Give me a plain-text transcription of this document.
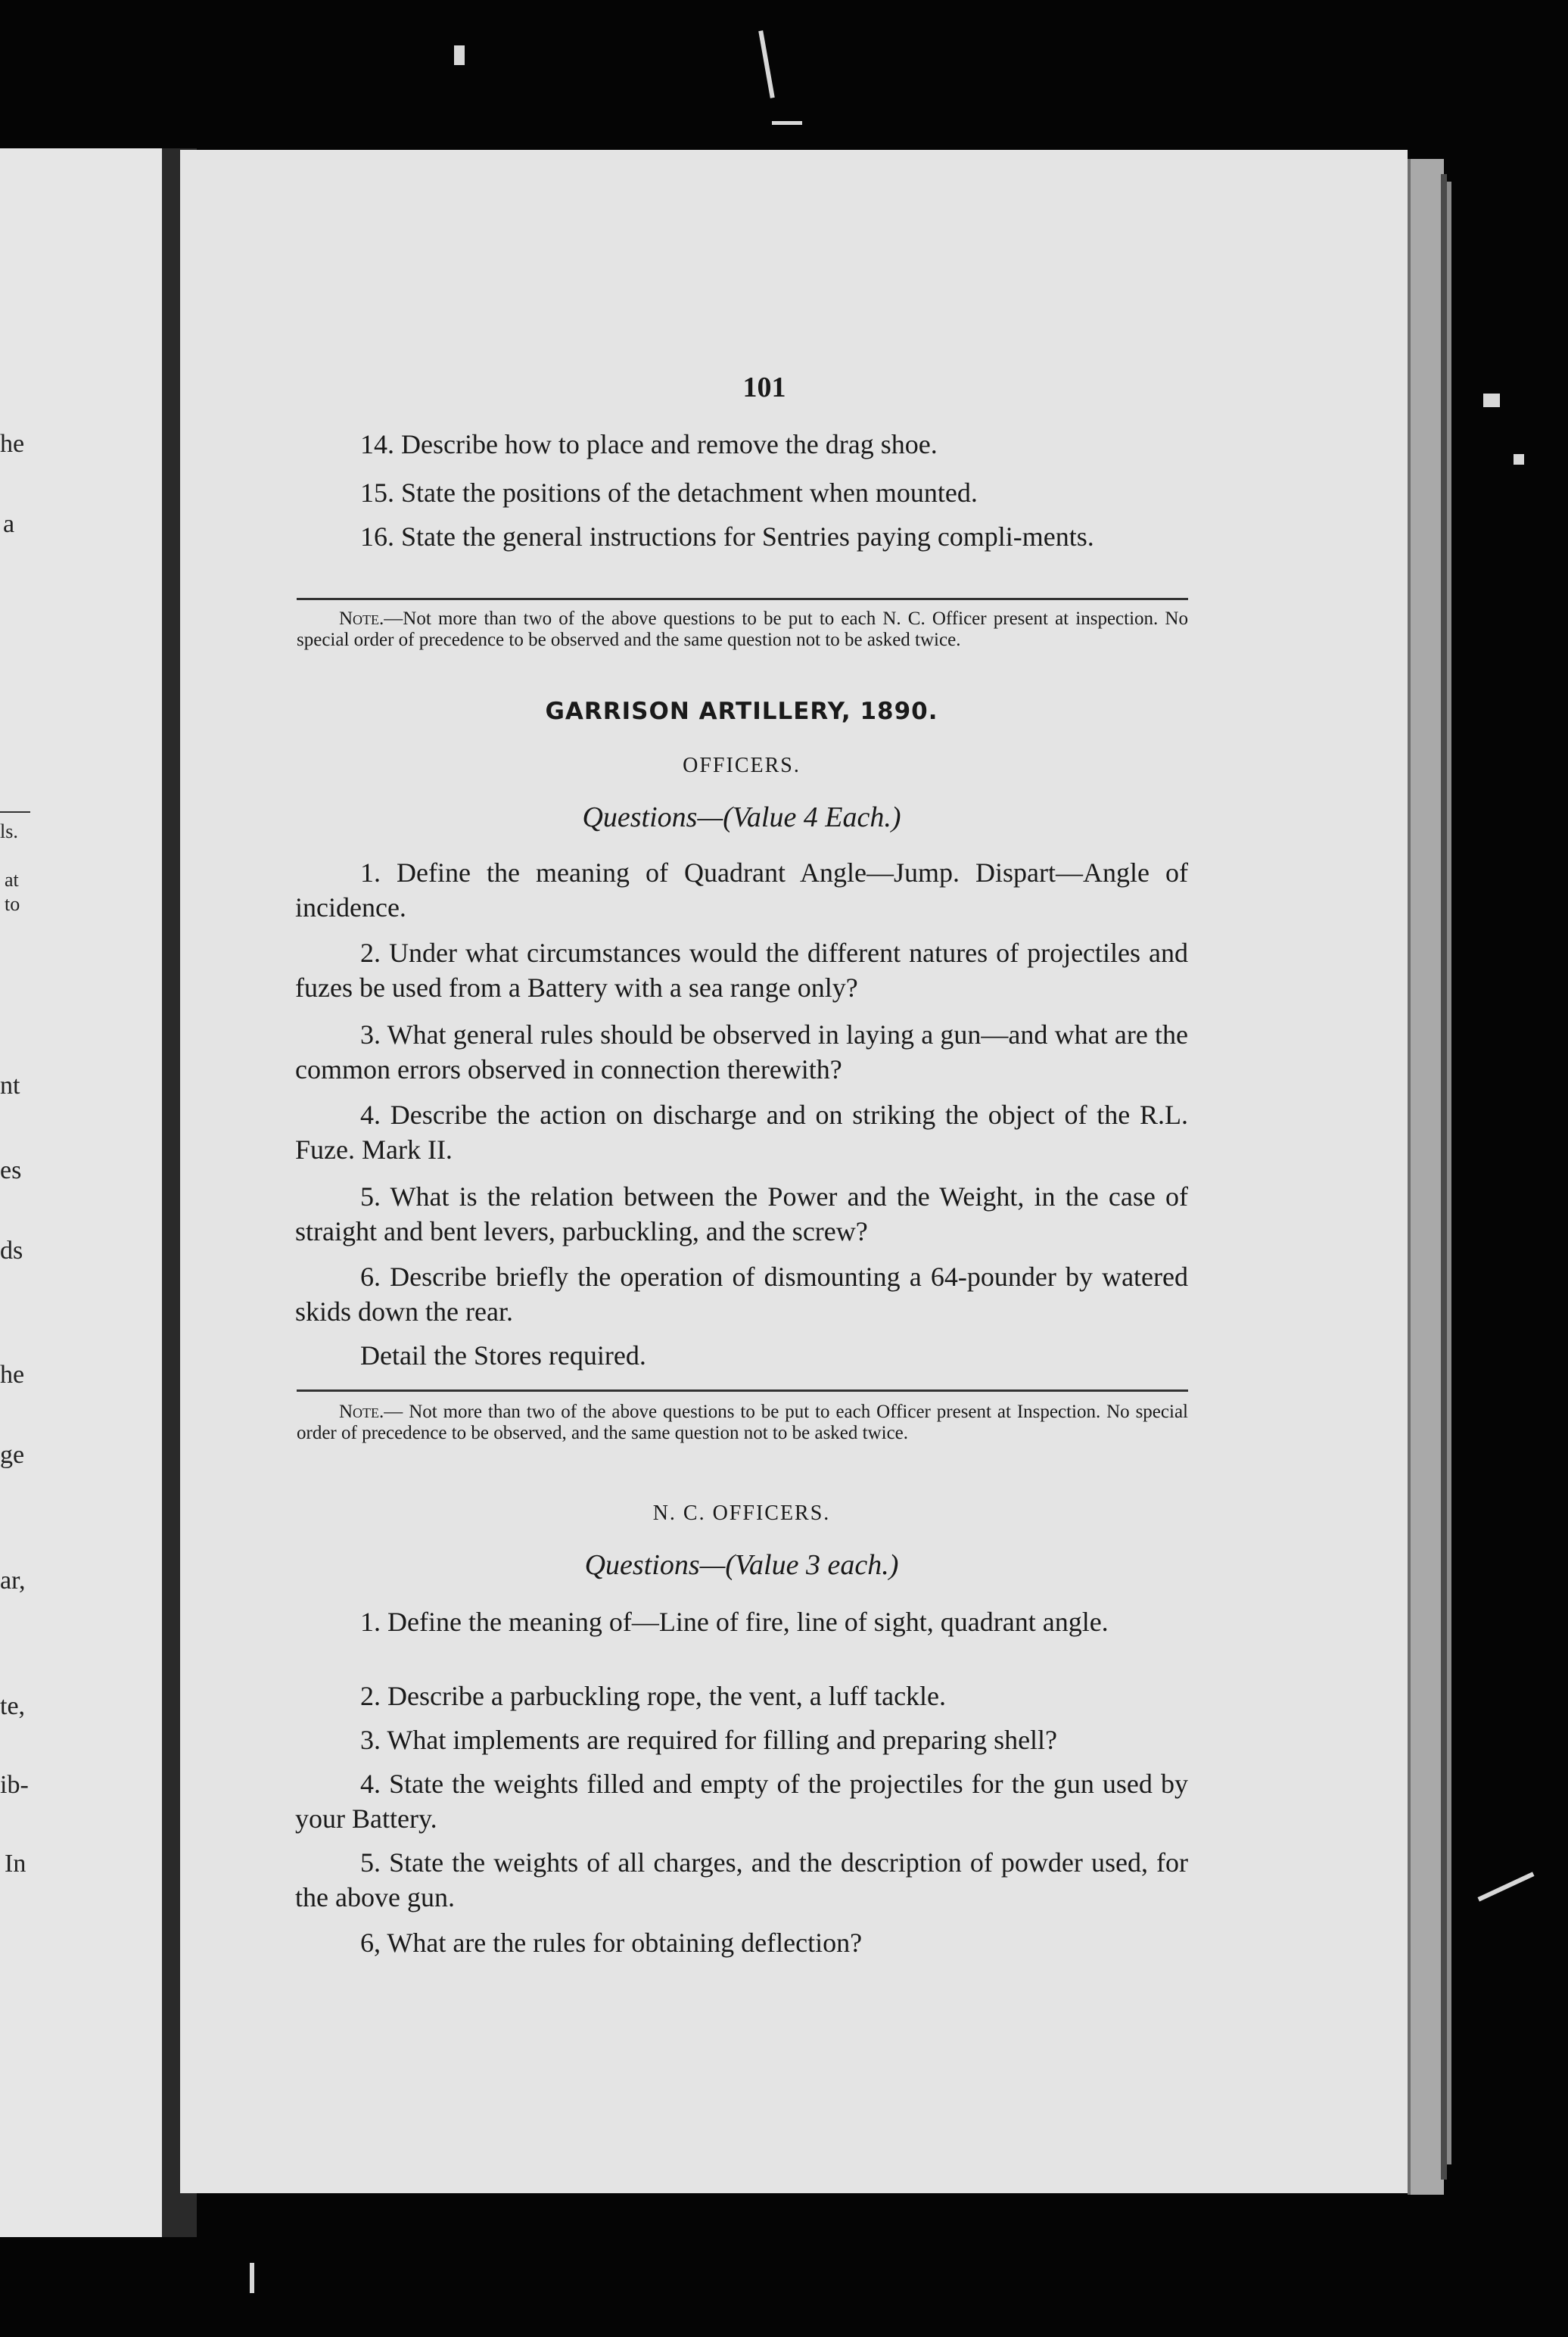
he
a
ls.
at
to
nt
es
ds
he
ge
ar,
te,
ib-
In
101

14. Describe how to place and remove the drag shoe.

15. State the positions of the detachment when mounted.

16. State the general instructions for Sentries paying compli-ments.

Note.—Not more than two of the above questions to be put to each N. C. Officer present at inspection. No special order of precedence to be observed and the same question not to be asked twice.

GARRISON ARTILLERY, 1890.
OFFICERS.
Questions—(Value 4 Each.)

1. Define the meaning of Quadrant Angle—Jump. Dispart—Angle of incidence.

2. Under what circumstances would the different natures of projectiles and fuzes be used from a Battery with a sea range only?

3. What general rules should be observed in laying a gun—and what are the common errors observed in connection therewith?

4. Describe the action on discharge and on striking the object of the R.L. Fuze. Mark II.

5. What is the relation between the Power and the Weight, in the case of straight and bent levers, parbuckling, and the screw?

6. Describe briefly the operation of dismounting a 64-pounder by watered skids down the rear.

Detail the Stores required.

Note.— Not more than two of the above questions to be put to each Officer present at Inspection. No special order of precedence to be observed, and the same question not to be asked twice.

N. C. OFFICERS.
Questions—(Value 3 each.)

1. Define the meaning of—Line of fire, line of sight, quadrant angle.

2. Describe a parbuckling rope, the vent, a luff tackle.

3. What implements are required for filling and preparing shell?

4. State the weights filled and empty of the projectiles for the gun used by your Battery.

5. State the weights of all charges, and the description of powder used, for the above gun.

6, What are the rules for obtaining deflection?
